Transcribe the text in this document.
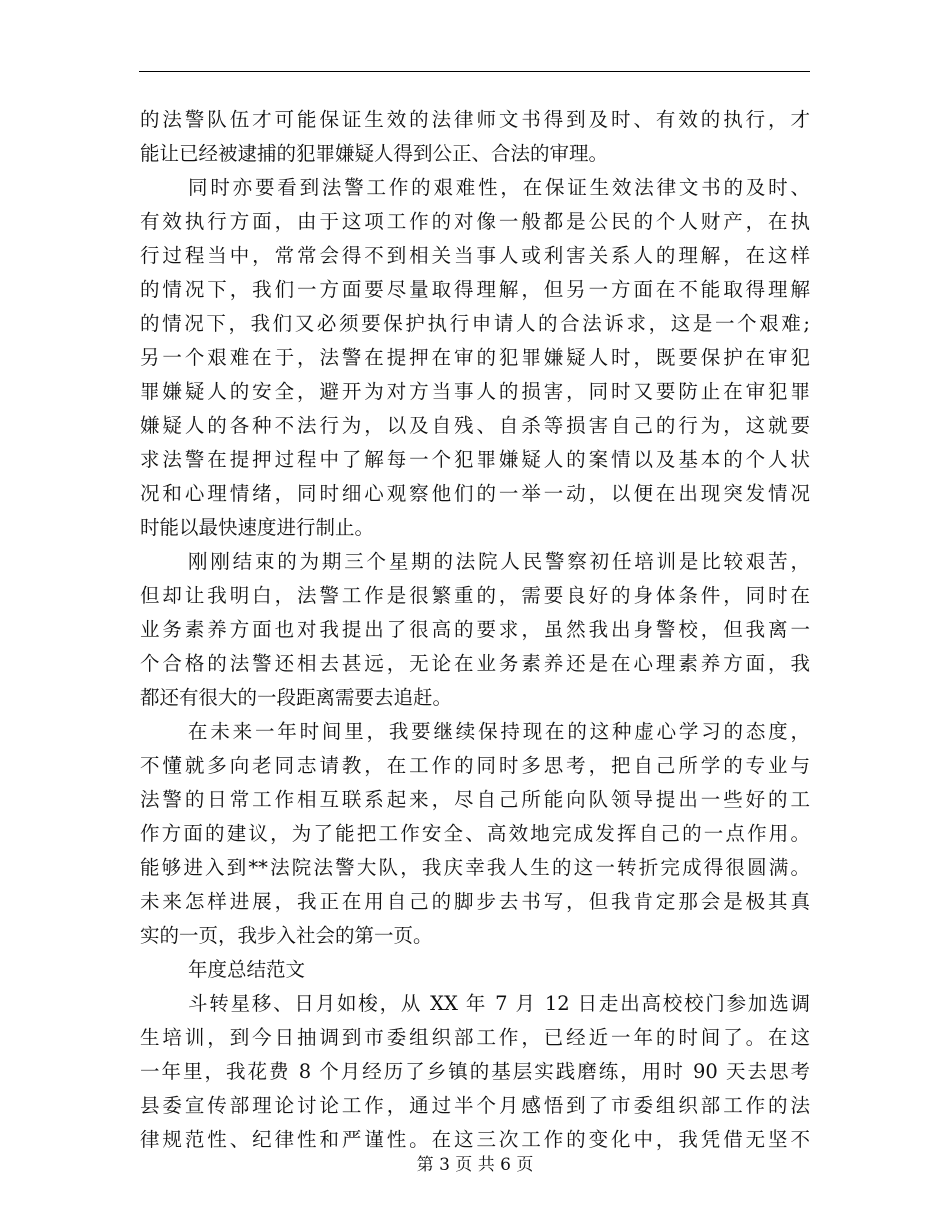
的法警队伍才可能保证生效的法律师文书得到及时、有效的执行，才
能让已经被逮捕的犯罪嫌疑人得到公正、合法的审理。
同时亦要看到法警工作的艰难性，在保证生效法律文书的及时、
有效执行方面，由于这项工作的对像一般都是公民的个人财产，在执
行过程当中，常常会得不到相关当事人或利害关系人的理解，在这样
的情况下，我们一方面要尽量取得理解，但另一方面在不能取得理解
的情况下，我们又必须要保护执行申请人的合法诉求，这是一个艰难;
另一个艰难在于，法警在提押在审的犯罪嫌疑人时，既要保护在审犯
罪嫌疑人的安全，避开为对方当事人的损害，同时又要防止在审犯罪
嫌疑人的各种不法行为，以及自残、自杀等损害自己的行为，这就要
求法警在提押过程中了解每一个犯罪嫌疑人的案情以及基本的个人状
况和心理情绪，同时细心观察他们的一举一动，以便在出现突发情况
时能以最快速度进行制止。
刚刚结束的为期三个星期的法院人民警察初任培训是比较艰苦，
但却让我明白，法警工作是很繁重的，需要良好的身体条件，同时在
业务素养方面也对我提出了很高的要求，虽然我出身警校，但我离一
个合格的法警还相去甚远，无论在业务素养还是在心理素养方面，我
都还有很大的一段距离需要去追赶。
在未来一年时间里，我要继续保持现在的这种虚心学习的态度，
不懂就多向老同志请教，在工作的同时多思考，把自己所学的专业与
法警的日常工作相互联系起来，尽自己所能向队领导提出一些好的工
作方面的建议，为了能把工作安全、高效地完成发挥自己的一点作用。
能够进入到**法院法警大队，我庆幸我人生的这一转折完成得很圆满。
未来怎样进展，我正在用自己的脚步去书写，但我肯定那会是极其真
实的一页，我步入社会的第一页。
年度总结范文
斗转星移、日月如梭，从 XX 年 7 月 12 日走出高校校门参加选调
生培训，到今日抽调到市委组织部工作，已经近一年的时间了。在这
一年里，我花费 8 个月经历了乡镇的基层实践磨练，用时 90 天去思考
县委宣传部理论讨论工作，通过半个月感悟到了市委组织部工作的法
律规范性、纪律性和严谨性。在这三次工作的变化中，我凭借无坚不
第 3 页 共 6 页
